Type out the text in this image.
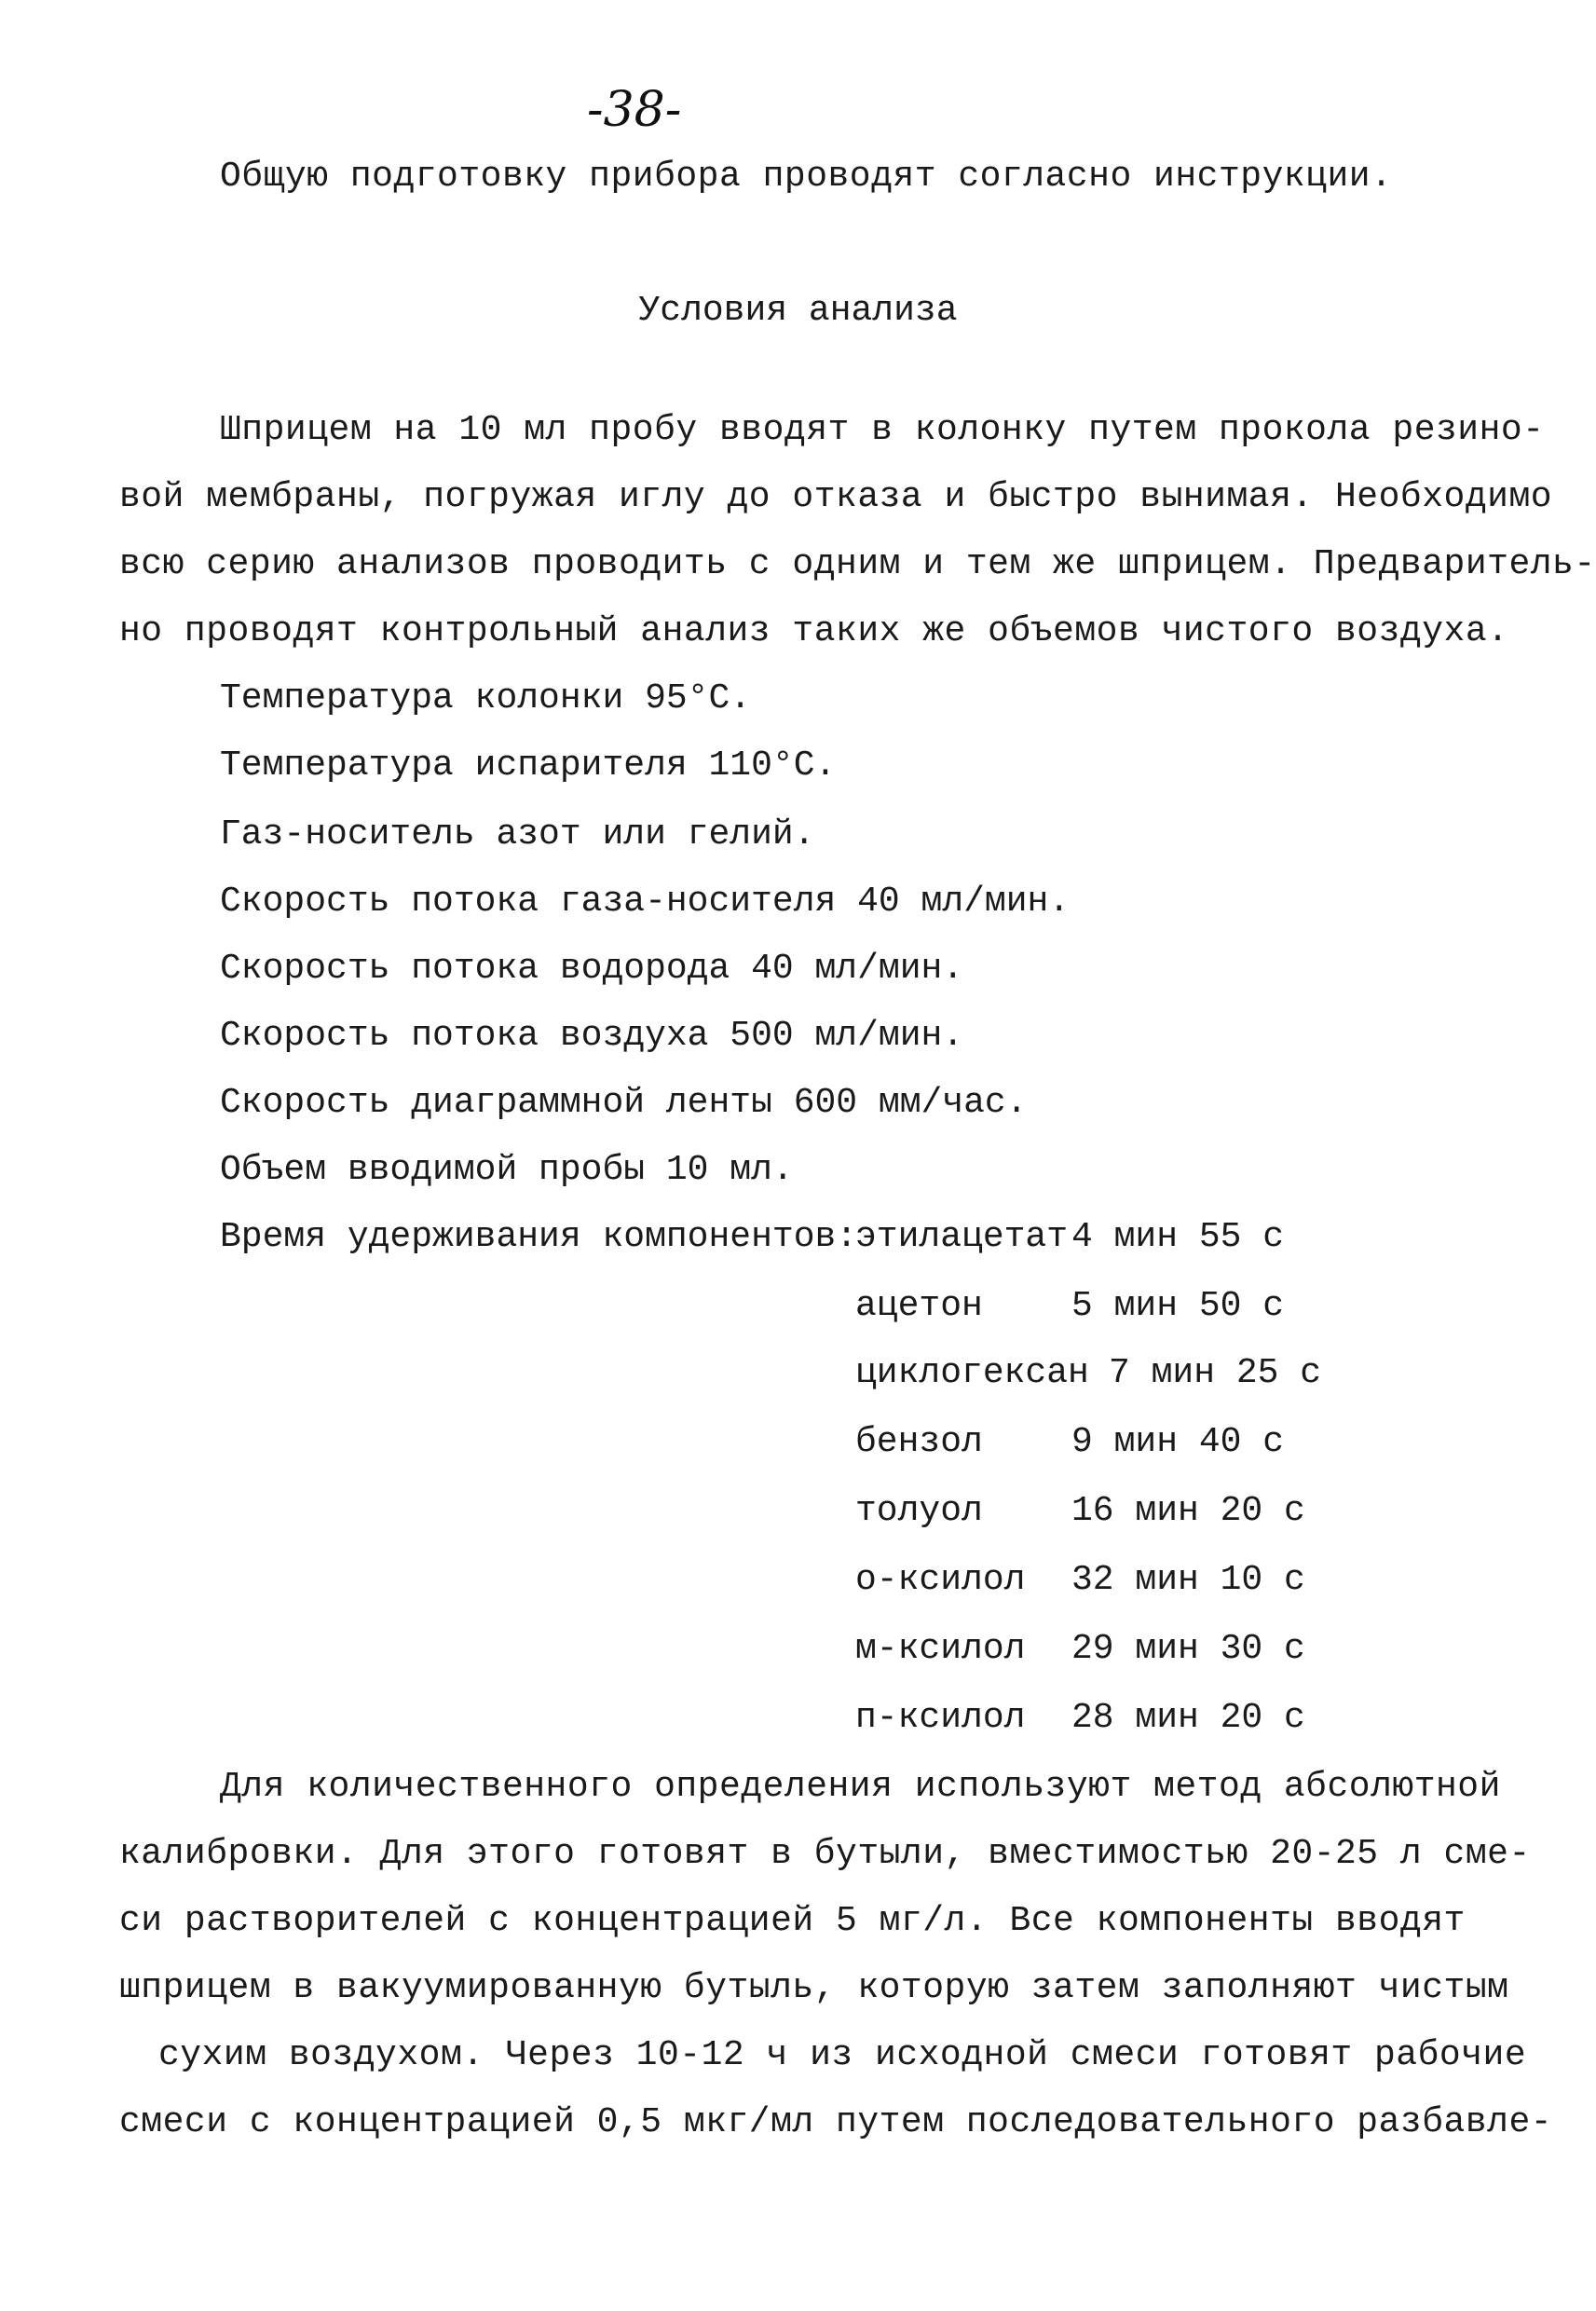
-38-
Общую подготовку прибора проводят согласно инструкции.
Условия анализа
Шприцем на 10 мл пробу вводят в колонку путем прокола резино-
вой мембраны, погружая иглу до отказа и быстро вынимая. Необходимо
всю серию анализов проводить с одним и тем же шприцем. Предваритель-
но проводят контрольный анализ таких же объемов чистого воздуха.
Температура колонки 95°С.
Температура испарителя 110°С.
Газ-носитель азот или гелий.
Скорость потока газа-носителя 40 мл/мин.
Скорость потока водорода 40 мл/мин.
Скорость потока воздуха 500 мл/мин.
Скорость диаграммной ленты 600 мм/час.
Объем вводимой пробы 10 мл.
Время удерживания компонентов:
этилацетат 4 мин 55 с
ацетон	5 мин 50 с
циклогексан 7 мин 25 с
бензол	9 мин 40 с
толуол	16 мин 20 с
о-ксилол 32 мин 10 с
м-ксилол 29 мин 30 с
п-ксилол 28 мин 20 с
Для количественного определения используют метод абсолютной
калибровки. Для этого готовят в бутыли, вместимостью 20-25 л сме-
си растворителей с концентрацией 5 мг/л. Все компоненты вводят
шприцем в вакуумированную бутыль, которую затем заполняют чистым
сухим воздухом. Через 10-12 ч из исходной смеси готовят рабочие
смеси с концентрацией 0,5 мкг/мл путем последовательного разбавле-
